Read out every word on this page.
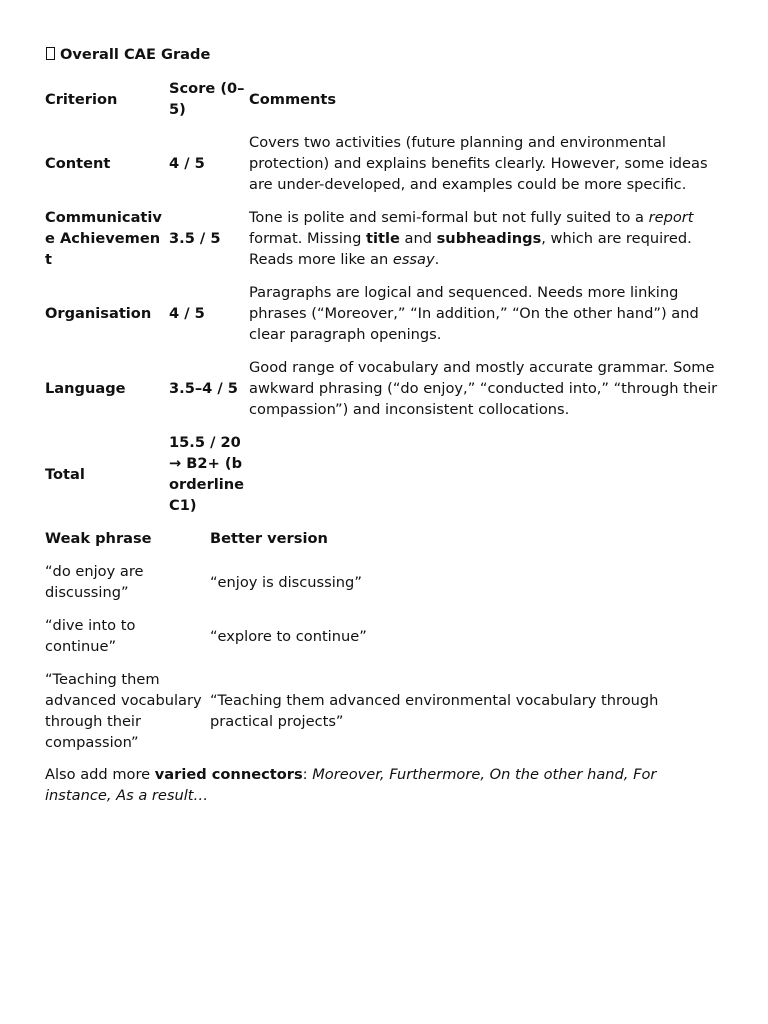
Overall CAE Grade
Criterion	Score (0–5)	Comments
Content	4 / 5	Covers two activities (future planning and environmental protection) and explains benefits clearly. However, some ideas are under-developed, and examples could be more specific.

Communicative Achievement	3.5 / 5	Tone is polite and semi-formal but not fully suited to a report format. Missing title and subheadings, which are required. Reads more like an essay.
Organisation	4 / 5	Paragraphs are logical and sequenced. Needs more linking phrases (“Moreover,” “In addition,” “On the other hand”) and clear paragraph openings.
Language	3.5–4 / 5	Good range of vocabulary and mostly accurate grammar. Some awkward phrasing (“do enjoy,” “conducted into,” “through their compassion”) and inconsistent collocations.
Total	15.5 / 20 → B2+ (borderline C1)	

Weak phrase	Better version
“do enjoy are discussing”	“enjoy is discussing”
“dive into to continue”	“explore to continue”
“Teaching them advanced vocabulary through their compassion”	“Teaching them advanced environmental vocabulary through practical projects”
Also add more varied connectors: Moreover, Furthermore, On the other hand, For instance, As a result…
